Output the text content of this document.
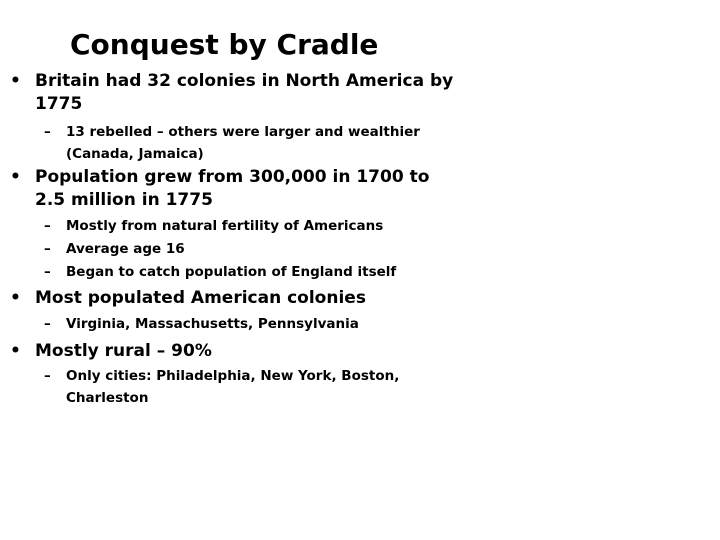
Conquest by Cradle
• Britain had 32 colonies in North America by 1775
–	13 rebelled – others were larger and wealthier (Canada, Jamaica)
• Population grew from 300,000 in 1700 to 2.5 million in 1775
–	Mostly from natural fertility of Americans
–	Average age 16
–	Began to catch population of England itself
• Most populated American colonies
–	Virginia, Massachusetts, Pennsylvania
• Mostly rural – 90%
–	Only cities: Philadelphia, New York, Boston, Charleston
